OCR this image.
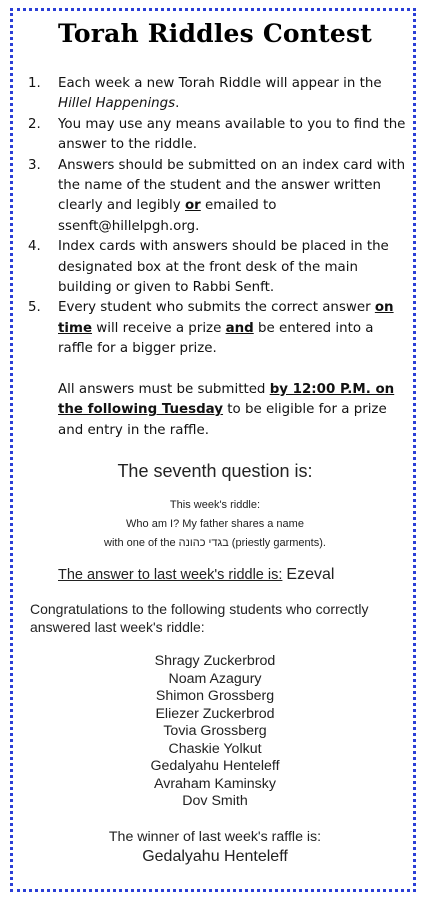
Torah Riddles Contest
1. Each week a new Torah Riddle will appear in the Hillel Happenings.
2. You may use any means available to you to find the answer to the riddle.
3. Answers should be submitted on an index card with the name of the student and the answer written clearly and legibly or emailed to ssenft@hillelpgh.org.
4. Index cards with answers should be placed in the designated box at the front desk of the main building or given to Rabbi Senft.
5. Every student who submits the correct answer on time will receive a prize and be entered into a raffle for a bigger prize.
All answers must be submitted by 12:00 P.M. on the following Tuesday to be eligible for a prize and entry in the raffle.
The seventh question is:
This week's riddle:
Who am I? My father shares a name
with one of the בגדי כהונה (priestly garments).
The answer to last week's riddle is: Ezeval
Congratulations to the following students who correctly answered last week's riddle:
Shragy Zuckerbrod
Noam Azagury
Shimon Grossberg
Eliezer Zuckerbrod
Tovia Grossberg
Chaskie Yolkut
Gedalyahu Henteleff
Avraham Kaminsky
Dov Smith
The winner of last week's raffle is:
Gedalyahu Henteleff
